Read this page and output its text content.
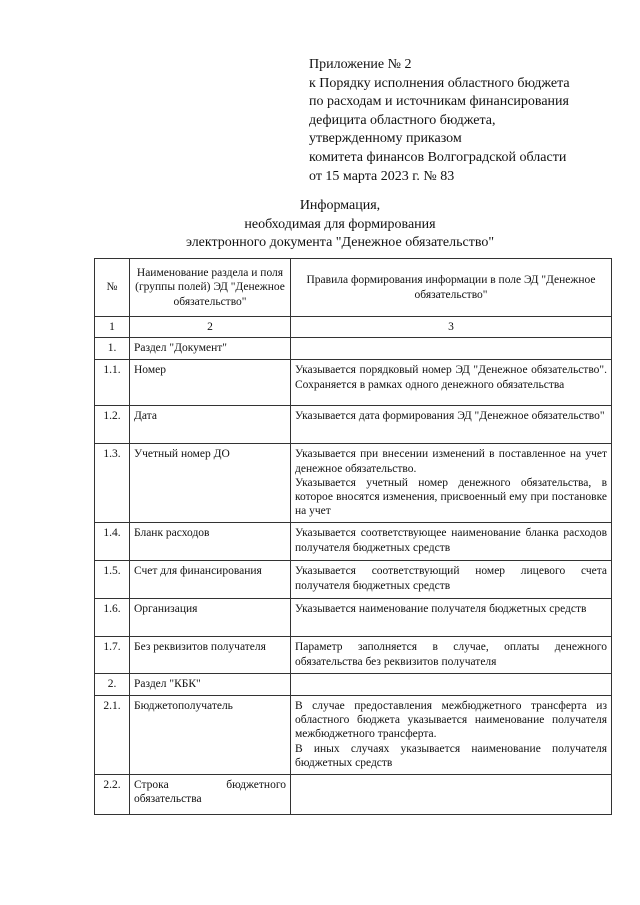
Приложение № 2
к Порядку исполнения областного бюджета
по расходам и источникам финансирования
дефицита областного бюджета,
утвержденному приказом
комитета финансов Волгоградской области
от 15 марта 2023 г. № 83
Информация,
необходимая для формирования
электронного документа "Денежное обязательство"
№	Наименование раздела и поля (группы полей) ЭД "Денежное обязательство"	Правила формирования информации в поле ЭД "Денежное обязательство"
1	2	3
1.	Раздел "Документ"	
1.1.	Номер	Указывается порядковый номер ЭД "Денежное обязательство". Сохраняется в рамках одного денежного обязательства

1.2.	Дата	Указывается дата формирования ЭД "Денежное обязательство"

1.3.	Учетный номер ДО	Указывается при внесении изменений в поставленное на учет денежное обязательство.

Указывается учетный номер денежного обязательства, в которое вносятся изменения, присвоенный ему при постановке на учет

1.4.	Бланк расходов	Указывается соответствующее наименование бланка расходов получателя бюджетных средств

1.5.	Счет для финансирования	Указывается соответствующий номер лицевого счета получателя бюджетных средств

1.6.	Организация	Указывается наименование получателя бюджетных средств

1.7.	Без реквизитов получателя	Параметр заполняется в случае, оплаты денежного обязательства без реквизитов получателя

2.	Раздел "КБК"	
2.1.	Бюджетополучатель	В случае предоставления межбюджетного трансферта из областного бюджета указывается наименование получателя межбюджетного трансферта.

В иных случаях указывается наименование получателя бюджетных средств

2.2.	Строка бюджетного обязательства	
